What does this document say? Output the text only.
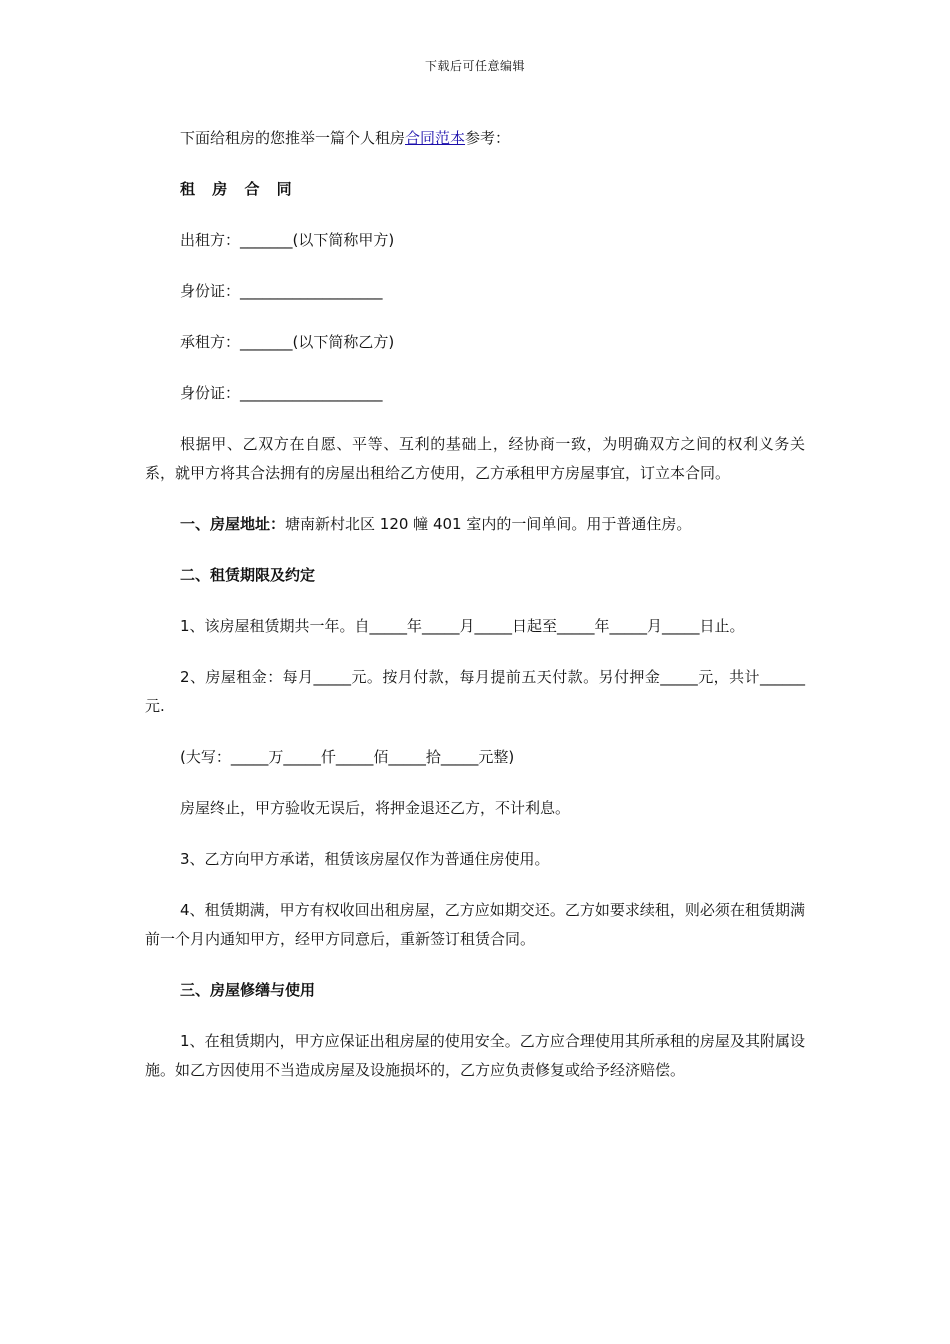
下载后可任意编辑

下面给租房的您推举一篇个人租房合同范本参考：

租 房 合 同

出租方：_______(以下简称甲方)

身份证：___________________

承租方：_______(以下简称乙方)

身份证：___________________

根据甲、乙双方在自愿、平等、互利的基础上，经协商一致，为明确双方之间的权利义务关系，就甲方将其合法拥有的房屋出租给乙方使用，乙方承租甲方房屋事宜，订立本合同。

一、房屋地址：塘南新村北区 120 幢 401 室内的一间单间。用于普通住房。

二、租赁期限及约定

1、该房屋租赁期共一年。自_____年_____月_____日起至_____年_____月_____日止。

2、房屋租金：每月_____元。按月付款，每月提前五天付款。另付押金_____元，共计______元.

(大写：_____万_____仟_____佰_____拾_____元整)

房屋终止，甲方验收无误后，将押金退还乙方，不计利息。

3、乙方向甲方承诺，租赁该房屋仅作为普通住房使用。

4、租赁期满，甲方有权收回出租房屋，乙方应如期交还。乙方如要求续租，则必须在租赁期满前一个月内通知甲方，经甲方同意后，重新签订租赁合同。

三、房屋修缮与使用

1、在租赁期内，甲方应保证出租房屋的使用安全。乙方应合理使用其所承租的房屋及其附属设施。如乙方因使用不当造成房屋及设施损坏的，乙方应负责修复或给予经济赔偿。
